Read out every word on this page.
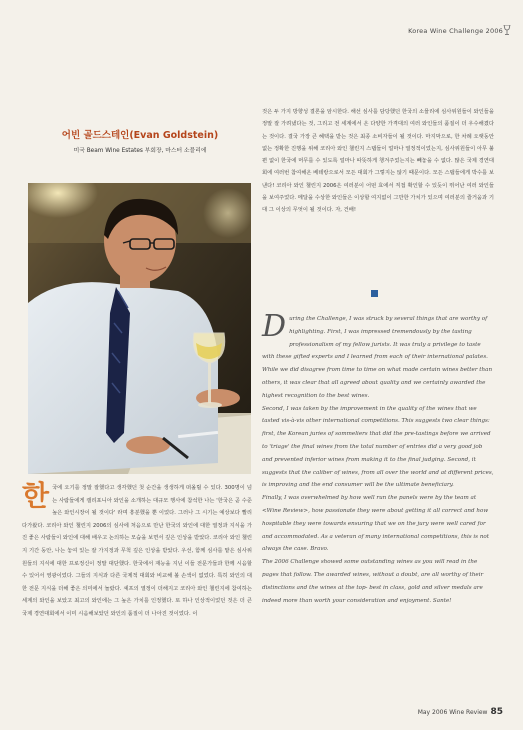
Korea Wine Challenge 2006
어빈 골드스테인(Evan Goldstein)
미국 Beam Wine Estates 부회장, 마스터 소믈리에
한국에 오기를 정말 잘했다고 생각했던 첫 순간을 생생하게 떠올릴 수 있다. 300명이 넘는 사람들에게 캘리포니아 와인을 소개하는 대규모 행사에 참석한 나는 '한국은 곧 수준 높은 와인시장이 될 것이다' 라며 흥분했을 뿐 이었다. 그러나 그 시기는 예상보다 빨리 다가왔다. 코리아 와인 챌린지 2006의 심사에 처음으로 만난 한국의 와인에 대한 열정과 지식을 가진 좋은 사람들이 와인에 대해 배우고 논의하는 모습을 보면서 깊은 인상을 받았다. 코리아 와인 챌린지 기간 동안, 나는 놓여 있는 잘 가지정과 무척 깊은 인상을 받았다. 우선, 함께 심사를 맡은 심사위원들의 지식에 대한 프로정신이 정말 대단했다. 한국에서 재능을 지닌 이들 전문가들과 한께 시음할 수 있어서 영광이었다. 그들의 지식과 다른 국제적 대회와 비교해 볼 손색이 없었다. 특히 와인의 대한 전문 지식을 더해 좋은 의미에서 놀랐다. 셰프의 열정이 더해지고 코리아 와인 챌린지에 참여하는 세계의 와인을 보았고 최고의 와인에는 그 높은 가치를 인정했다. 또 하나 인상적이었던 것은 더 큰 국제 경연대회에서 이미 시음해보았던 와인의 품질이 더 나아진 것이었다. 이
것은 두 가지 방향성 결론을 암시한다. 해선 심사를 담당했던 한국의 소믈리에 심사위원들이 와인들을 정말 잘 가려냈다는 것, 그리고 전 세계에서 온 다양한 가격대의 여러 와인들의 품질이 더 우수해졌다는 것이다. 결국 가장 큰 혜택을 받는 것은 최종 소비자들이 될 것이다. 마지막으로, 한 차례 오랫동안 없는 정확한 진행을 위해 코리아 와인 챌린지 스탭들이 얼마나 열정적이었는지, 심사위원들이 아무 불편 없이 한국에 머무를 수 있도록 얼마나 따뜻하게 챙겨주었는지는 빼놓을 수 없다. 많은 국제 경연대회에 여러번 참여해온 베테랑으로서 모든 대회가 그렇지는 않기 때문이다. 모든 스탭들에게 박수를 보낸다! 코리아 와인 챌린지 2006은 여러분이 어떤 효에서 직접 확인할 수 있듯이 뛰어난 여러 와인들을 보여주었다. 메달을 수상한 와인들은 이상할 여지없이 그만한 가치가 있으며 여러분의 즐거움과 기대 그 이상의 무엇이 될 것이다. 자, 건배!

During the Challenge, I was struck by several things that are worthy of highlighting. First, I was impressed tremendously by the tasting professionalism of my fellow jurists. It was truly a privilege to taste with these gifted experts and I learned from each of their international palates. While we did disagree from time to time on what made certain wines better than others, it was clear that all agreed about quality and we certainly awarded the highest recognition to the best wines.

Second, I was taken by the improvement in the quality of the wines that we tasted vis-à-vis other international competitions. This suggests two clear things: first, the Korean juries of sommeliers that did the pre-tastings before we arrived to 'triage' the final wines from the total number of entries did a very good job and prevented inferior wines from making it to the final judging. Second, it suggests that the caliber of wines, from all over the world and at different prices, is improving and the end consumer will be the ultimate beneficiary.

Finally, I was overwhelmed by how well run the panels were by the team at <Wine Review>, how passionate they were about getting it all correct and how hospitable they were towards ensuring that we on the jury were well cared for and accommodated. As a veteran of many international competitions, this is not always the case. Bravo.

The 2006 Challenge showed some outstanding wines as you will read in the pages that follow. The awarded wines, without a doubt, are all worthy of their distinctions and the wines at the top- best in class, gold and silver medals are indeed more than worth your consideration and enjoyment. Sante!

May 2006 Wine Review 85
